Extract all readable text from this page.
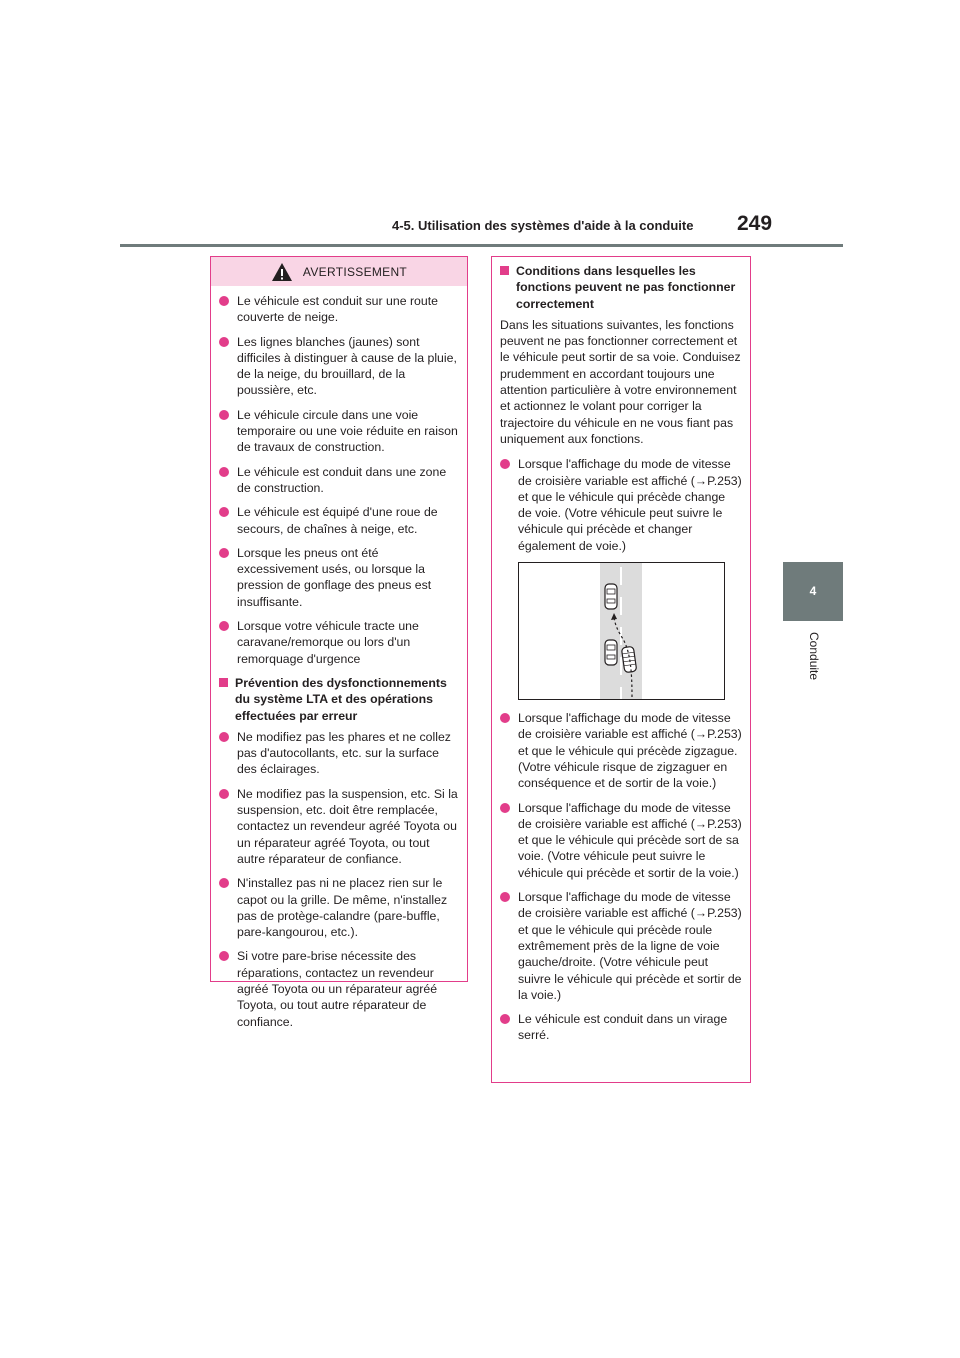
4-5. Utilisation des systèmes d'aide à la conduite	249
4
Conduite
AVERTISSEMENT
Le véhicule est conduit sur une route couverte de neige.
Les lignes blanches (jaunes) sont difficiles à distinguer à cause de la pluie, de la neige, du brouillard, de la poussière, etc.
Le véhicule circule dans une voie temporaire ou une voie réduite en raison de travaux de construction.
Le véhicule est conduit dans une zone de construction.
Le véhicule est équipé d'une roue de secours, de chaînes à neige, etc.
Lorsque les pneus ont été excessivement usés, ou lorsque la pression de gonflage des pneus est insuffisante.
Lorsque votre véhicule tracte une caravane/remorque ou lors d'un remorquage d'urgence
Prévention des dysfonctionnements du système LTA et des opérations effectuées par erreur
Ne modifiez pas les phares et ne collez pas d'autocollants, etc. sur la surface des éclairages.
Ne modifiez pas la suspension, etc. Si la suspension, etc. doit être remplacée, contactez un revendeur agréé Toyota ou un réparateur agréé Toyota, ou tout autre réparateur de confiance.
N'installez pas ni ne placez rien sur le capot ou la grille. De même, n'installez pas de protège-calandre (pare-buffle, pare-kangourou, etc.).
Si votre pare-brise nécessite des réparations, contactez un revendeur agréé Toyota ou un réparateur agréé Toyota, ou tout autre réparateur de confiance.
Conditions dans lesquelles les fonctions peuvent ne pas fonctionner correctement
Dans les situations suivantes, les fonctions peuvent ne pas fonctionner correctement et le véhicule peut sortir de sa voie. Conduisez prudemment en accordant toujours une attention particulière à votre environnement et actionnez le volant pour corriger la trajectoire du véhicule en ne vous fiant pas uniquement aux fonctions.
Lorsque l'affichage du mode de vitesse de croisière variable est affiché (→P.253) et que le véhicule qui précède change de voie. (Votre véhicule peut suivre le véhicule qui précède et changer également de voie.)
Lorsque l'affichage du mode de vitesse de croisière variable est affiché (→P.253) et que le véhicule qui précède zigzague. (Votre véhicule risque de zigzaguer en conséquence et de sortir de la voie.)
Lorsque l'affichage du mode de vitesse de croisière variable est affiché (→P.253) et que le véhicule qui précède sort de sa voie. (Votre véhicule peut suivre le véhicule qui précède et sortir de la voie.)
Lorsque l'affichage du mode de vitesse de croisière variable est affiché (→P.253) et que le véhicule qui précède roule extrêmement près de la ligne de voie gauche/droite. (Votre véhicule peut suivre le véhicule qui précède et sortir de la voie.)
Le véhicule est conduit dans un virage serré.
